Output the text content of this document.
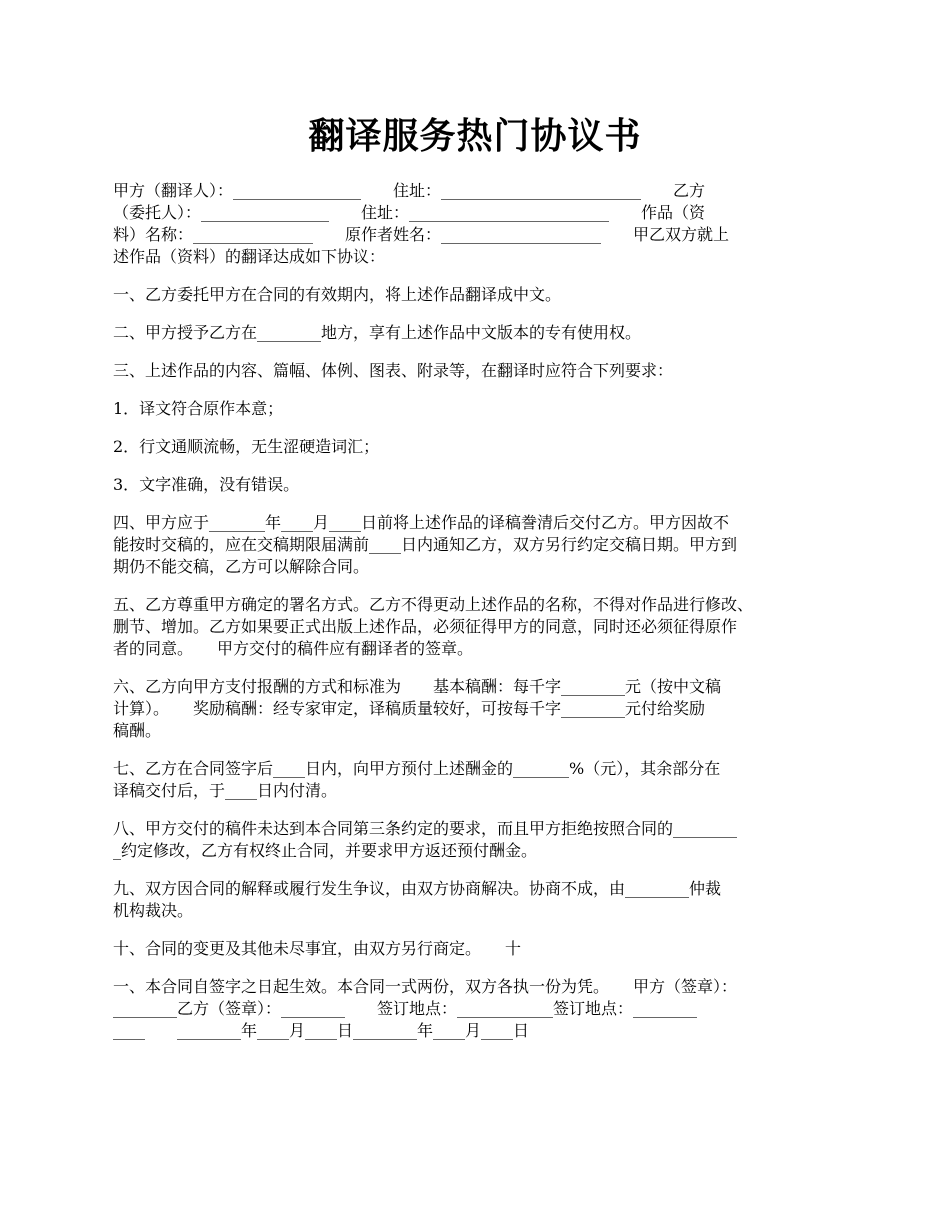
翻译服务热门协议书
甲方（翻译人）：________________　　住址：_________________________　　乙方
（委托人）：________________　　住址：_________________________　　作品（资
料）名称：_______________　　原作者姓名：____________________　　甲乙双方就上
述作品（资料）的翻译达成如下协议：
一、乙方委托甲方在合同的有效期内，将上述作品翻译成中文。
二、甲方授予乙方在________地方，享有上述作品中文版本的专有使用权。
三、上述作品的内容、篇幅、体例、图表、附录等，在翻译时应符合下列要求：
1．译文符合原作本意；
2．行文通顺流畅，无生涩硬造词汇；
3．文字准确，没有错误。
四、甲方应于_______年____月____日前将上述作品的译稿誊清后交付乙方。甲方因故不
能按时交稿的，应在交稿期限届满前____日内通知乙方，双方另行约定交稿日期。甲方到
期仍不能交稿，乙方可以解除合同。
五、乙方尊重甲方确定的署名方式。乙方不得更动上述作品的名称，不得对作品进行修改、
删节、增加。乙方如果要正式出版上述作品，必须征得甲方的同意，同时还必须征得原作
者的同意。　　甲方交付的稿件应有翻译者的签章。
六、乙方向甲方支付报酬的方式和标准为　　基本稿酬：每千字________元（按中文稿
计算）。　　奖励稿酬：经专家审定，译稿质量较好，可按每千字________元付给奖励
稿酬。
七、乙方在合同签字后____日内，向甲方预付上述酬金的_______%（元），其余部分在
译稿交付后，于____日内付清。
八、甲方交付的稿件未达到本合同第三条约定的要求，而且甲方拒绝按照合同的________
_约定修改，乙方有权终止合同，并要求甲方返还预付酬金。
九、双方因合同的解释或履行发生争议，由双方协商解决。协商不成，由________仲裁
机构裁决。
十、合同的变更及其他未尽事宜，由双方另行商定。　　十
一、本合同自签字之日起生效。本合同一式两份，双方各执一份为凭。　　甲方（签章）：
________乙方（签章）：________　　签订地点：____________签订地点：________
____　　________年____月____日________年____月____日
